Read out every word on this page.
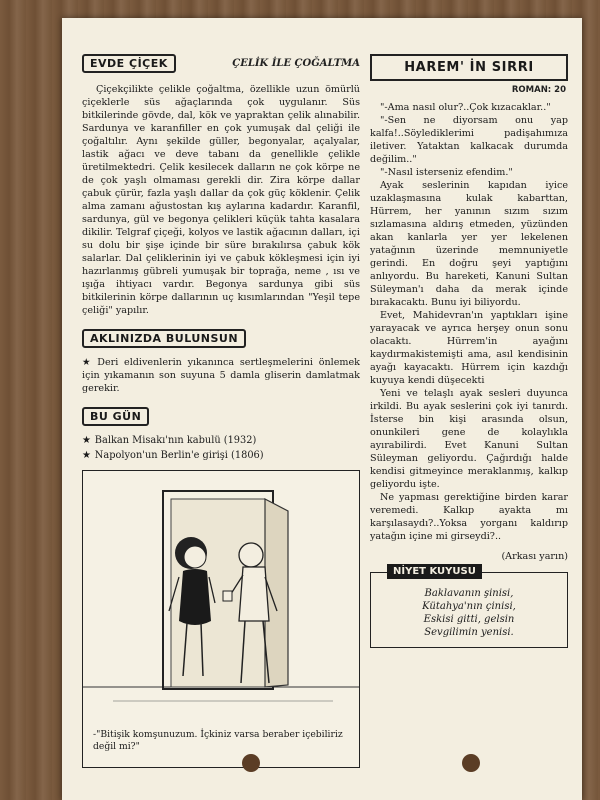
EVDE ÇİÇEK	ÇELİK İLE ÇOĞALTMA

Çiçekçilikte çelikle çoğaltma, özellikle uzun ömürlü çiçeklerle süs ağaçlarında çok uygulanır. Süs bitkilerinde gövde, dal, kök ve yapraktan çelik alınabilir. Sardunya ve karanfiller en çok yumuşak dal çeliği ile çoğaltılır. Aynı şekilde güller, begonyalar, açalyalar, lastik ağacı ve deve tabanı da genellikle çelikle üretilmektedri. Çelik kesilecek dalların ne çok körpe ne de çok yaşlı olmaması gerekli dir. Zira körpe dallar çabuk çürür, fazla yaşlı dallar da çok güç köklenir. Çelik alma zamanı ağustostan kış aylarına kadardır. Karanfil, sardunya, gül ve begonya çelikleri küçük tahta kasalara dikilir. Telgraf çiçeği, kolyos ve lastik ağacının dalları, içi su dolu bir şişe içinde bir süre bırakılırsa çabuk kök salarlar. Dal çeliklerinin iyi ve çabuk kökleşmesi için iyi hazırlanmış gübreli yumuşak bir toprağa, neme , ısı ve ışığa ihtiyacı vardır. Begonya sardunya gibi süs bitkilerinin körpe dallarının uç kısımlarından "Yeşil tepe çeliği" yapılır.

AKLINIZDA BULUNSUN

★ Deri eldivenlerin yıkanınca sertleşmelerini önlemek için yıkamanın son suyuna 5 damla gliserin damlatmak gerekir.

BU GÜN
★ Balkan Misakı'nın kabulü (1932)
★ Napolyon'un Berlin'e girişi (1806)
-"Bitişik komşunuzum. İçkiniz varsa beraber içebiliriz değil mi?"
HAREM' İN SIRRI
ROMAN: 20

"-Ama nasıl olur?..Çok kızacaklar.."

"-Sen ne diyorsam onu yap kalfa!..Söylediklerimi padişahımıza iletiver. Yataktan kalkacak durumda değilim.."

"-Nasıl isterseniz efendim."

Ayak seslerinin kapıdan iyice uzaklaşmasına kulak kabarttan, Hürrem, her yanının sızım sızım sızlamasına aldırış etmeden, yüzünden akan kanlarla yer yer lekelenen yatağının üzerinde memnuniyetle gerindi. En doğru şeyi yaptığını anlıyordu. Bu hareketi, Kanuni Sultan Süleyman'ı daha da merak içinde bırakacaktı. Bunu iyi biliyordu.

Evet, Mahidevran'ın yaptıkları işine yarayacak ve ayrıca herşey onun sonu olacaktı. Hürrem'in ayağını kaydırmakistemişti ama, asıl kendisinin ayağı kayacaktı. Hürrem için kazdığı kuyuya kendi düşecekti

Yeni ve telaşlı ayak sesleri duyunca irkildi. Bu ayak seslerini çok iyi tanırdı. İsterse bin kişi arasında olsun, onunkileri gene de kolaylıkla ayırabilirdi. Evet Kanuni Sultan Süleyman geliyordu. Çağırdığı halde kendisi gitmeyince meraklanmış, kalkıp geliyordu işte.

Ne yapması gerektiğine birden karar veremedi. Kalkıp ayakta mı karşılasaydı?..Yoksa yorganı kaldırıp yatağın içine mi girseydi?..

(Arkası yarın)
NİYET KUYUSU
Baklavanın şinisi,
Kütahya'nın çinisi,
Eskisi gitti, gelsin
Sevgilimin yenisi.
